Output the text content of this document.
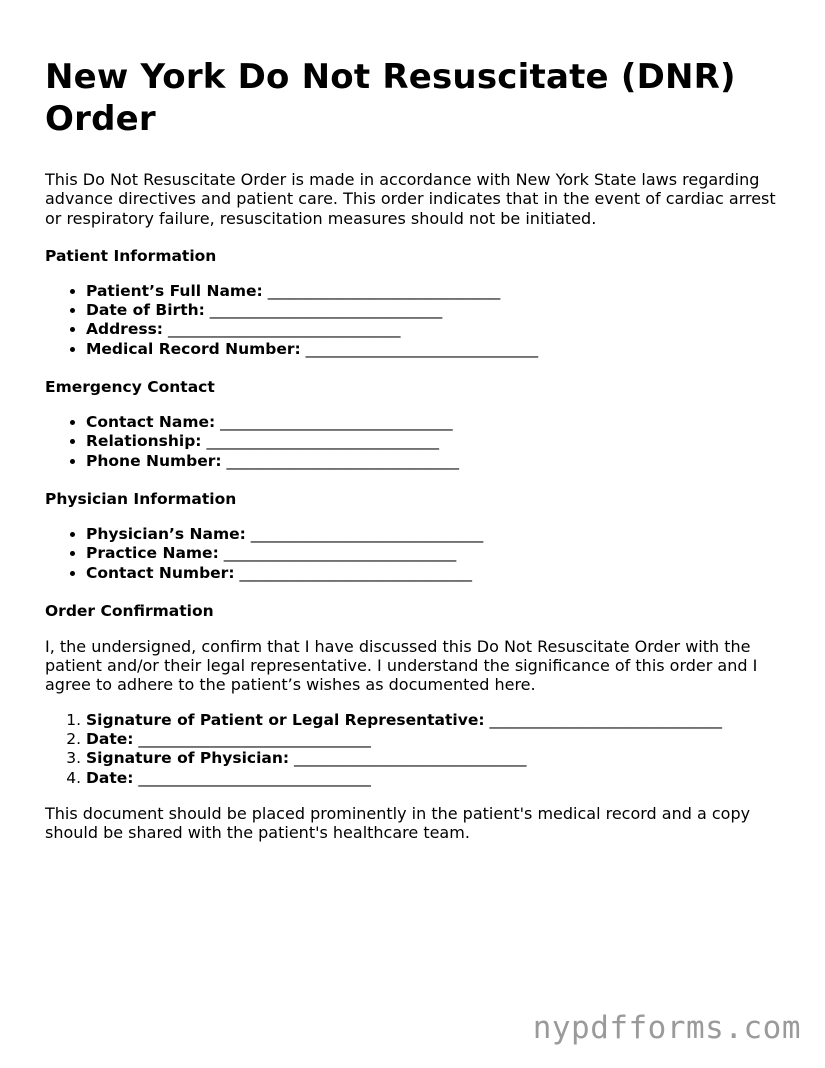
New York Do Not Resuscitate (DNR) Order

This Do Not Resuscitate Order is made in accordance with New York State laws regarding advance directives and patient care. This order indicates that in the event of cardiac arrest or respiratory failure, resuscitation measures should not be initiated.

Patient Information
• Patient’s Full Name: ______________________________
• Date of Birth: ______________________________
• Address: ______________________________
• Medical Record Number: ______________________________
Emergency Contact
• Contact Name: ______________________________
• Relationship: ______________________________
• Phone Number: ______________________________
Physician Information
• Physician’s Name: ______________________________
• Practice Name: ______________________________
• Contact Number: ______________________________
Order Confirmation

I, the undersigned, confirm that I have discussed this Do Not Resuscitate Order with the patient and/or their legal representative. I understand the significance of this order and I agree to adhere to the patient’s wishes as documented here.

1. Signature of Patient or Legal Representative: ______________________________
2. Date: ______________________________
3. Signature of Physician: ______________________________
4. Date: ______________________________

This document should be placed prominently in the patient's medical record and a copy should be shared with the patient's healthcare team.

nypdfforms.com
